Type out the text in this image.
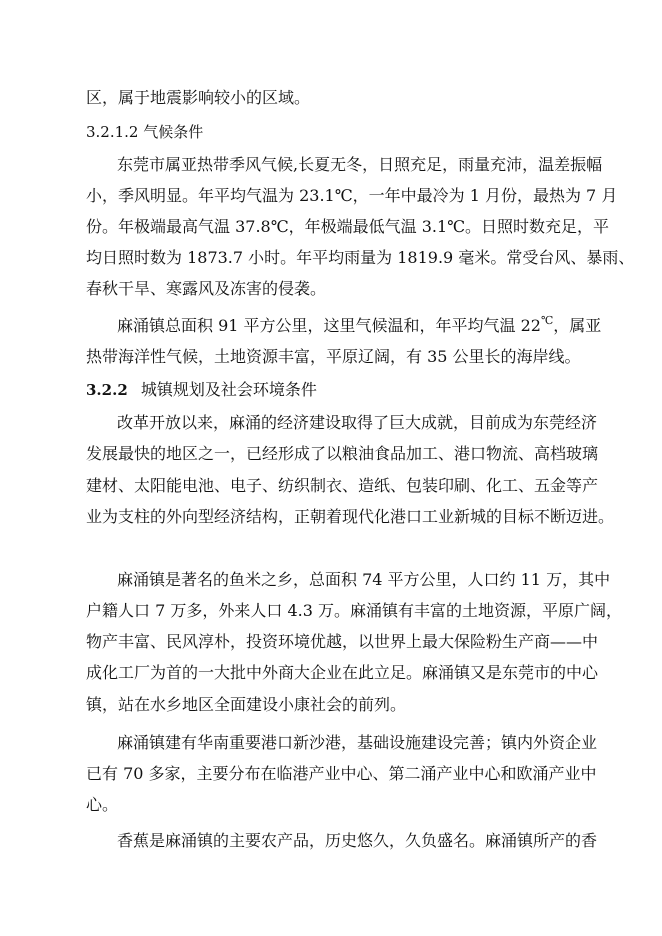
区，属于地震影响较小的区域。
3.2.1.2 气候条件
东莞市属亚热带季风气候,长夏无冬，日照充足，雨量充沛，温差振幅
小，季风明显。年平均气温为 23.1℃，一年中最冷为 1 月份，最热为 7 月
份。年极端最高气温 37.8℃，年极端最低气温 3.1℃。日照时数充足，平
均日照时数为 1873.7 小时。年平均雨量为 1819.9 毫米。常受台风、暴雨、
春秋干旱、寒露风及冻害的侵袭。
麻涌镇总面积 91 平方公里，这里气候温和，年平均气温 22℃，属亚
热带海洋性气候，土地资源丰富，平原辽阔，有 35 公里长的海岸线。
3.2.2 城镇规划及社会环境条件
改革开放以来，麻涌的经济建设取得了巨大成就，目前成为东莞经济
发展最快的地区之一，已经形成了以粮油食品加工、港口物流、高档玻璃
建材、太阳能电池、电子、纺织制衣、造纸、包装印刷、化工、五金等产
业为支柱的外向型经济结构，正朝着现代化港口工业新城的目标不断迈进。
麻涌镇是著名的鱼米之乡，总面积 74 平方公里，人口约 11 万，其中
户籍人口 7 万多，外来人口 4.3 万。麻涌镇有丰富的土地资源，平原广阔，
物产丰富、民风淳朴，投资环境优越，以世界上最大保险粉生产商——中
成化工厂为首的一大批中外商大企业在此立足。麻涌镇又是东莞市的中心
镇，站在水乡地区全面建设小康社会的前列。
麻涌镇建有华南重要港口新沙港，基础设施建设完善；镇内外资企业
已有 70 多家，主要分布在临港产业中心、第二涌产业中心和欧涌产业中
心。
香蕉是麻涌镇的主要农产品，历史悠久，久负盛名。麻涌镇所产的香
